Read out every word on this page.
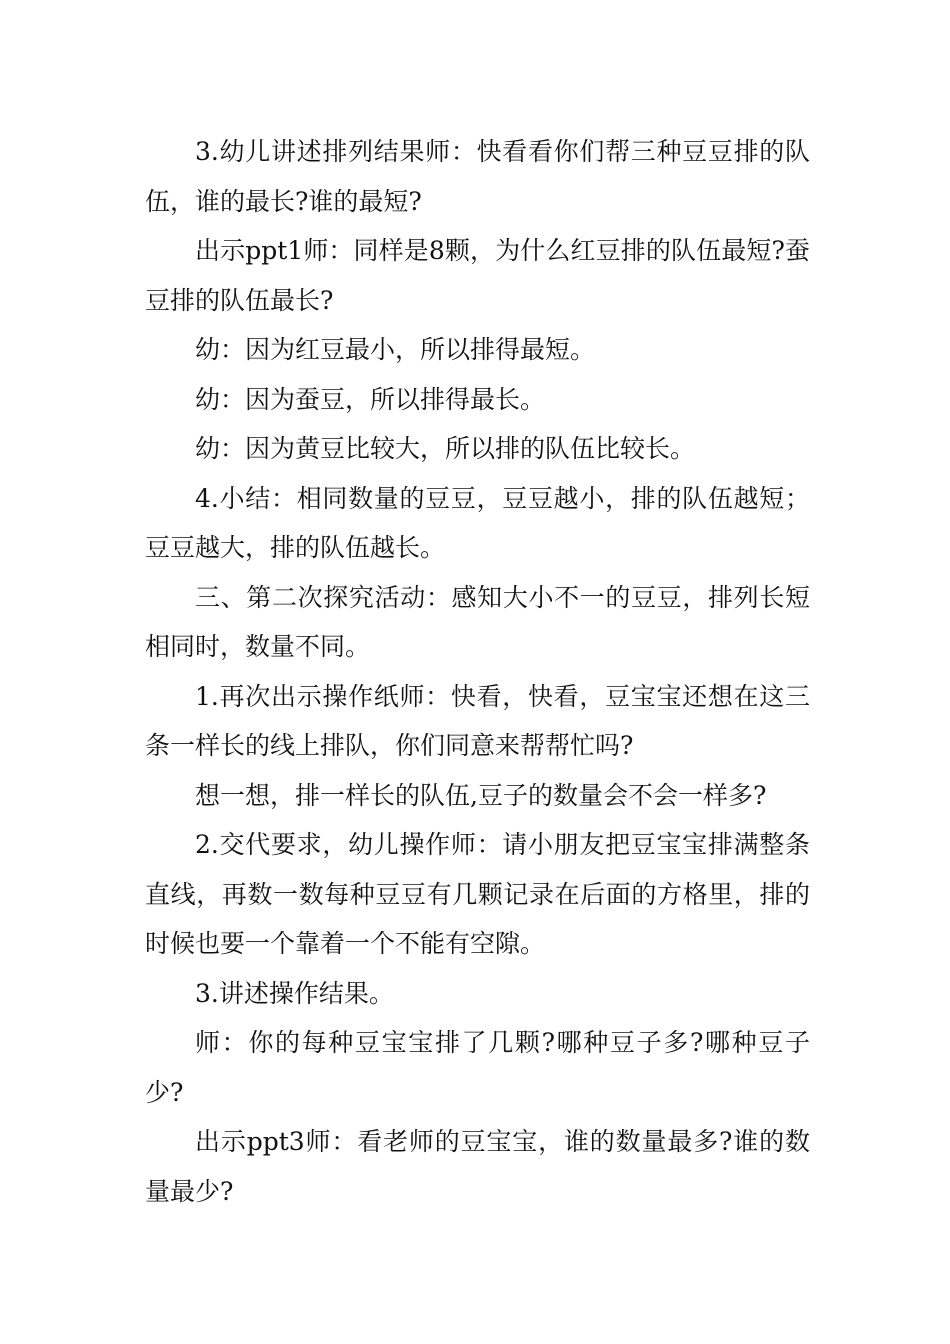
3.幼儿讲述排列结果师：快看看你们帮三种豆豆排的队伍，谁的最长?谁的最短?

出示ppt1师：同样是8颗，为什么红豆排的队伍最短?蚕豆排的队伍最长?

幼：因为红豆最小，所以排得最短。

幼：因为蚕豆，所以排得最长。

幼：因为黄豆比较大，所以排的队伍比较长。

4.小结：相同数量的豆豆，豆豆越小，排的队伍越短；豆豆越大，排的队伍越长。

三、第二次探究活动：感知大小不一的豆豆，排列长短相同时，数量不同。

1.再次出示操作纸师：快看，快看，豆宝宝还想在这三条一样长的线上排队，你们同意来帮帮忙吗?

想一想，排一样长的队伍,豆子的数量会不会一样多?

2.交代要求，幼儿操作师：请小朋友把豆宝宝排满整条直线，再数一数每种豆豆有几颗记录在后面的方格里，排的时候也要一个靠着一个不能有空隙。

3.讲述操作结果。

师：你的每种豆宝宝排了几颗?哪种豆子多?哪种豆子少?

出示ppt3师：看老师的豆宝宝，谁的数量最多?谁的数量最少?
